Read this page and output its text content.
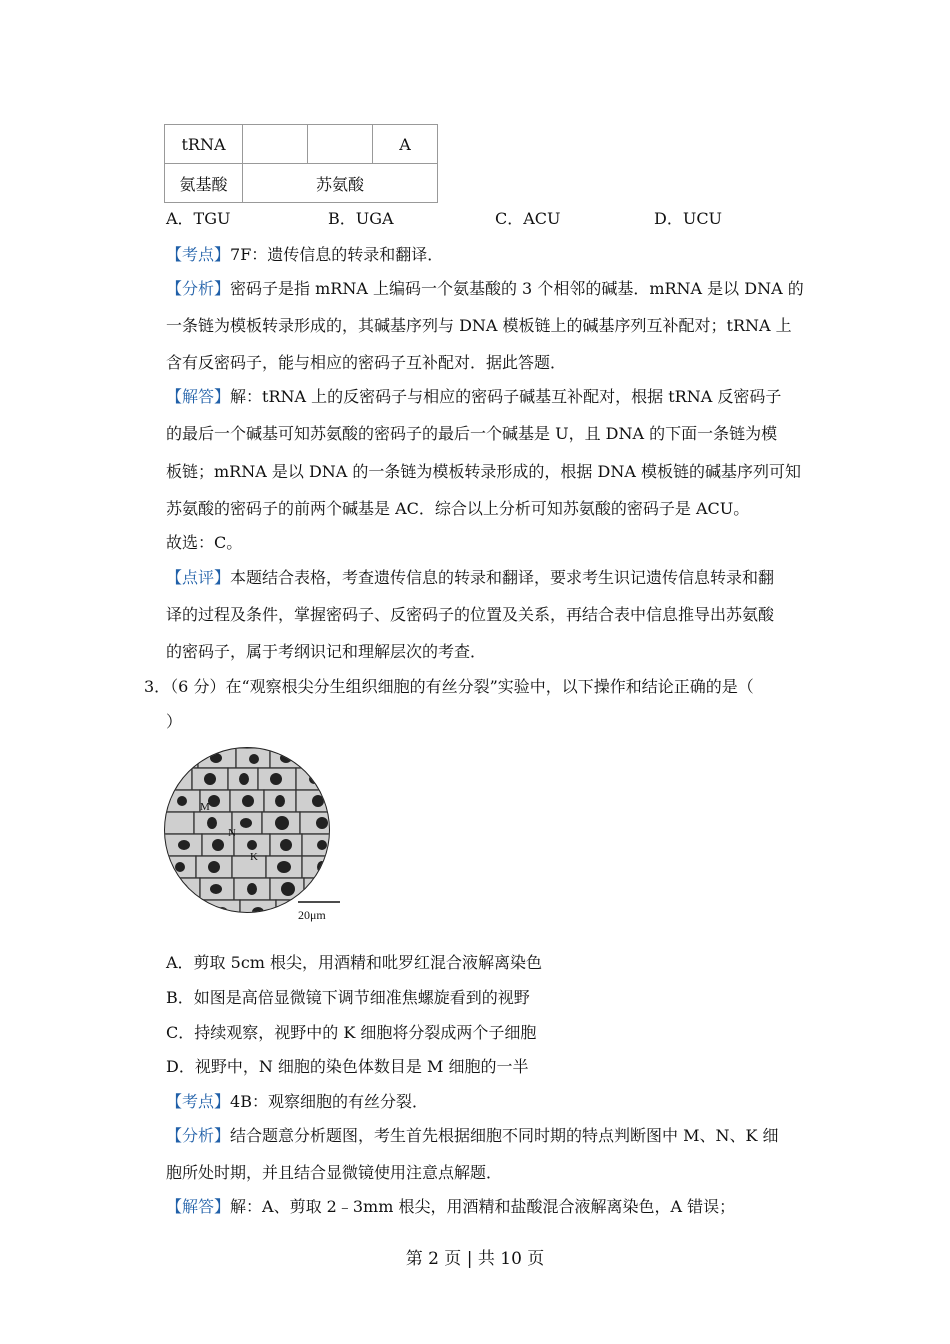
tRNA			A
氨基酸	苏氨酸		
A．TGU	B．UGA	C．ACU	D．UCU
【考点】7F：遗传信息的转录和翻译．
【分析】密码子是指 mRNA 上编码一个氨基酸的 3 个相邻的碱基．mRNA 是以 DNA 的
一条链为模板转录形成的，其碱基序列与 DNA 模板链上的碱基序列互补配对；tRNA 上
含有反密码子，能与相应的密码子互补配对．据此答题．
【解答】解：tRNA 上的反密码子与相应的密码子碱基互补配对，根据 tRNA 反密码子
的最后一个碱基可知苏氨酸的密码子的最后一个碱基是 U，且 DNA 的下面一条链为模
板链；mRNA 是以 DNA 的一条链为模板转录形成的，根据 DNA 模板链的碱基序列可知
苏氨酸的密码子的前两个碱基是 AC．综合以上分析可知苏氨酸的密码子是 ACU。
故选：C。
【点评】本题结合表格，考查遗传信息的转录和翻译，要求考生识记遗传信息转录和翻
译的过程及条件，掌握密码子、反密码子的位置及关系，再结合表中信息推导出苏氨酸
的密码子，属于考纲识记和理解层次的考查．
3．（6 分）在“观察根尖分生组织细胞的有丝分裂”实验中，以下操作和结论正确的是（
）
M
N
K
20μm
A．剪取 5cm 根尖，用酒精和吡罗红混合液解离染色
B．如图是高倍显微镜下调节细准焦螺旋看到的视野
C．持续观察，视野中的 K 细胞将分裂成两个子细胞
D．视野中，N 细胞的染色体数目是 M 细胞的一半
【考点】4B：观察细胞的有丝分裂．
【分析】结合题意分析题图，考生首先根据细胞不同时期的特点判断图中 M、N、K 细
胞所处时期，并且结合显微镜使用注意点解题．
【解答】解：A、剪取 2﹣3mm 根尖，用酒精和盐酸混合液解离染色，A 错误；
第 2 页 | 共 10 页
